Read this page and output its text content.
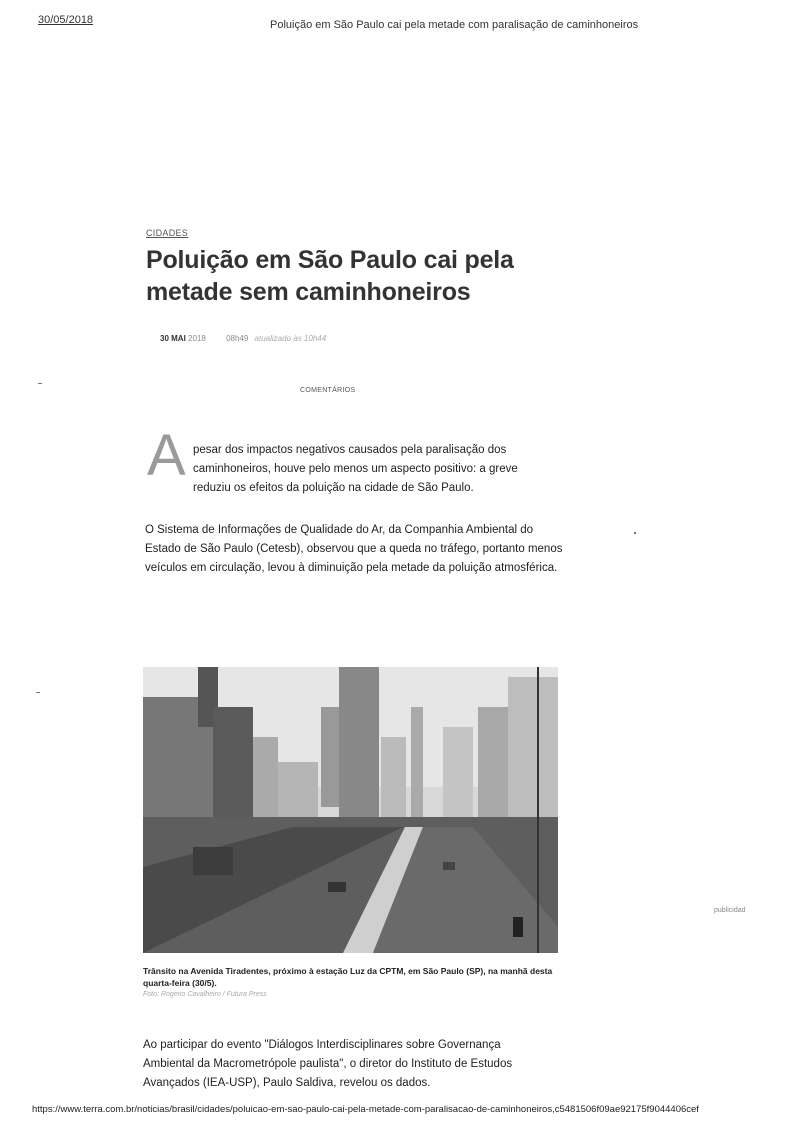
30/05/2018	Poluição em São Paulo cai pela metade com paralisação de caminhoneiros
CIDADES
Poluição em São Paulo cai pela metade sem caminhoneiros
30 MAI 2018	08h49 atualizado às 10h44
COMENTÁRIOS
A pesar dos impactos negativos causados pela paralisação dos caminhoneiros, houve pelo menos um aspecto positivo: a greve reduziu os efeitos da poluição na cidade de São Paulo.

O Sistema de Informações de Qualidade do Ar, da Companhia Ambiental do Estado de São Paulo (Cetesb), observou que a queda no tráfego, portanto menos veículos em circulação, levou à diminuição pela metade da poluição atmosférica.

Trânsito na Avenida Tiradentes, próximo à estação Luz da CPTM, em São Paulo (SP), na manhã desta quarta-feira (30/5).

Foto: Rogerio Cavalheiro / Futura Press
publicidad

Ao participar do evento "Diálogos Interdisciplinares sobre Governança Ambiental da Macrometrópole paulista", o diretor do Instituto de Estudos Avançados (IEA-USP), Paulo Saldiva, revelou os dados.

https://www.terra.com.br/noticias/brasil/cidades/poluicao-em-sao-paulo-cai-pela-metade-com-paralisacao-de-caminhoneiros,c5481506f09ae92175f9044406cef
